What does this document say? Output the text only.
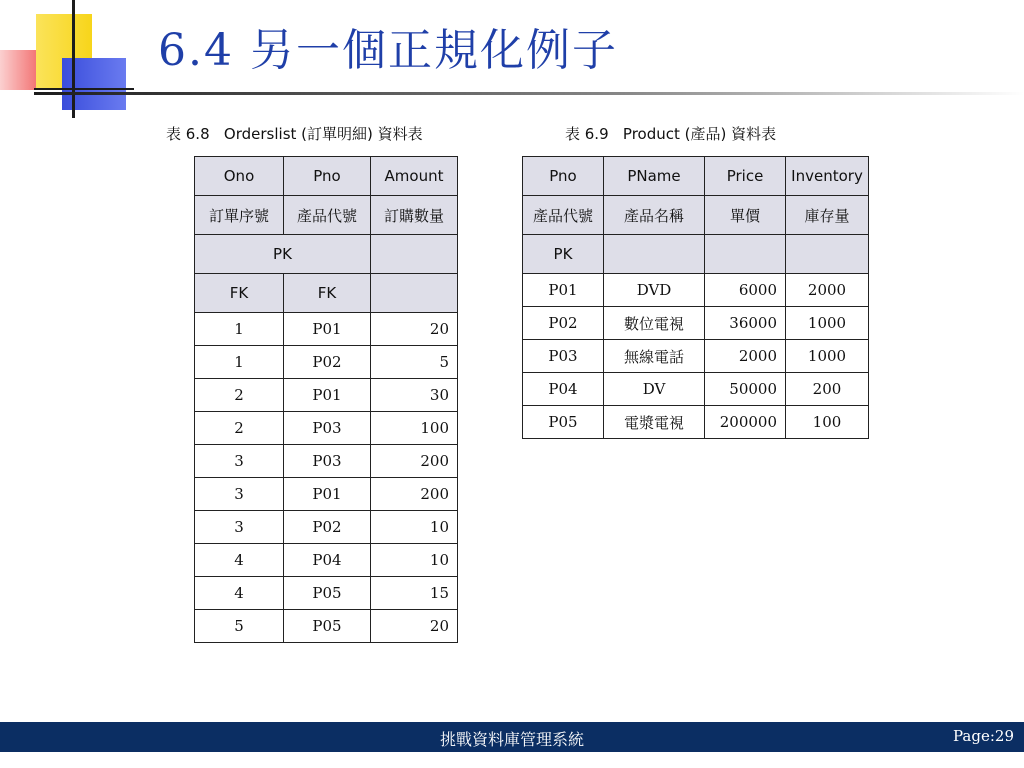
6.4 另一個正規化例子
表 6.8   Orderslist (訂單明細) 資料表	表 6.9   Product (產品) 資料表
Ono	Pno	Amount
訂單序號	產品代號	訂購數量
PK		
FK	FK	
1	P01	20
1	P02	5
2	P01	30
2	P03	100
3	P03	200
3	P01	200
3	P02	10
4	P04	10
4	P05	15
5	P05	20
Pno	PName	Price	Inventory
產品代號	產品名稱	單價	庫存量
PK			
P01	DVD	6000	2000
P02	數位電視	36000	1000
P03	無線電話	2000	1000
P04	DV	50000	200
P05	電漿電視	200000	100
挑戰資料庫管理系統	Page:29
